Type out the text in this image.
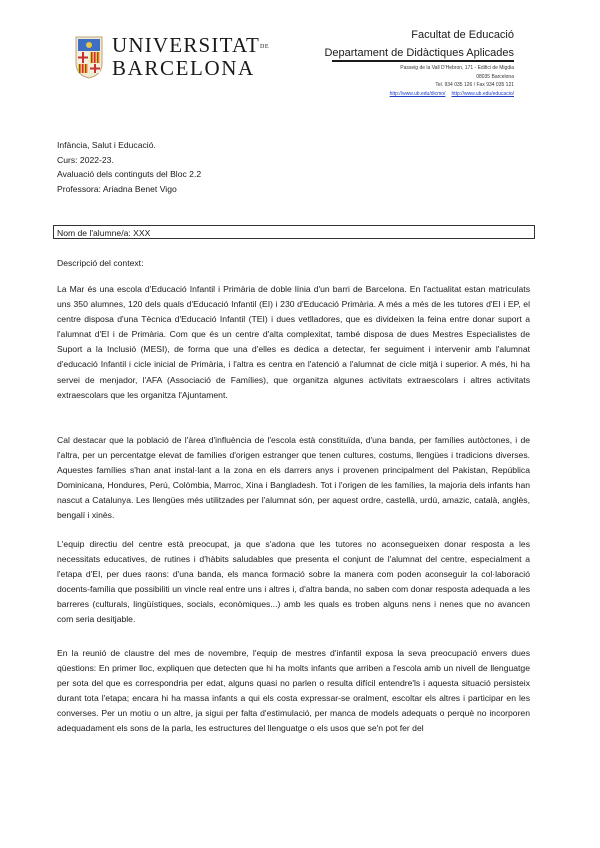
UNIVERSITATDE
BARCELONA
Facultat de Educació
Departament de Didàctiques Aplicades
Passeig de la Vall D'Hebron, 171 - Edifici de Migdia
08035 Barcelona
Tel. 934 035 126 / Fax 934 035 121
http://www.ub.edu/dicmo/ http://www.ub.edu/educacio/
Infància, Salut i Educació.
Curs: 2022-23.
Avaluació dels continguts del Bloc 2.2
Professora: Ariadna Benet Vigo
Nom de l'alumne/a: XXX
Descripció del context:

La Mar és una escola d'Educació Infantil i Primària de doble línia d'un barri de Barcelona. En l'actualitat estan matriculats uns 350 alumnes, 120 dels quals d'Educació Infantil (EI) i 230 d'Educació Primària. A més a més de les tutores d'EI i EP, el centre disposa d'una Tècnica d'Educació Infantil (TEI) i dues vetlladores, que es divideixen la feina entre donar suport a l'alumnat d'EI i de Primària. Com que és un centre d'alta complexitat, també disposa de dues Mestres Especialistes de Suport a la Inclusió (MESI), de forma que una d'elles es dedica a detectar, fer seguiment i intervenir amb l'alumnat d'educació Infantil i cicle inicial de Primària, i l'altra es centra en l'atenció a l'alumnat de cicle mitjà i superior. A més, hi ha servei de menjador, l'AFA (Associació de Famílies), que organitza algunes activitats extraescolars i altres activitats extraescolars que les organitza l'Ajuntament.

Cal destacar que la població de l'àrea d'influència de l'escola està constituïda, d'una banda, per famílies autòctones, i de l'altra, per un percentatge elevat de famílies d'origen estranger que tenen cultures, costums, llengües i tradicions diverses. Aquestes famílies s'han anat instal·lant a la zona en els darrers anys i provenen principalment del Pakistan, República Dominicana, Hondures, Perú, Colòmbia, Marroc, Xina i Bangladesh. Tot i l'origen de les famílies, la majoria dels infants han nascut a Catalunya. Les llengües més utilitzades per l'alumnat són, per aquest ordre, castellà, urdú, amazic, català, anglès, bengalí i xinès.

L'equip directiu del centre està preocupat, ja que s'adona que les tutores no aconsegueixen donar resposta a les necessitats educatives, de rutines i d'hàbits saludables que presenta el conjunt de l'alumnat del centre, especialment a l'etapa d'EI, per dues raons: d'una banda, els manca formació sobre la manera com poden aconseguir la col·laboració docents-família que possibiliti un vincle real entre uns i altres i, d'altra banda, no saben com donar resposta adequada a les barreres (culturals, lingüístiques, socials, econòmiques...) amb les quals es troben alguns nens i nenes que no avancen com seria desitjable.

En la reunió de claustre del mes de novembre, l'equip de mestres d'infantil exposa la seva preocupació envers dues qüestions: En primer lloc, expliquen que detecten que hi ha molts infants que arriben a l'escola amb un nivell de llenguatge per sota del que es correspondria per edat, alguns quasi no parlen o resulta difícil entendre'ls i aquesta situació persisteix durant tota l'etapa; encara hi ha massa infants a qui els costa expressar-se oralment, escoltar els altres i participar en les converses. Per un motiu o un altre, ja sigui per falta d'estimulació, per manca de models adequats o perquè no incorporen adequadament els sons de la parla, les estructures del llenguatge o els usos que se'n pot fer del
